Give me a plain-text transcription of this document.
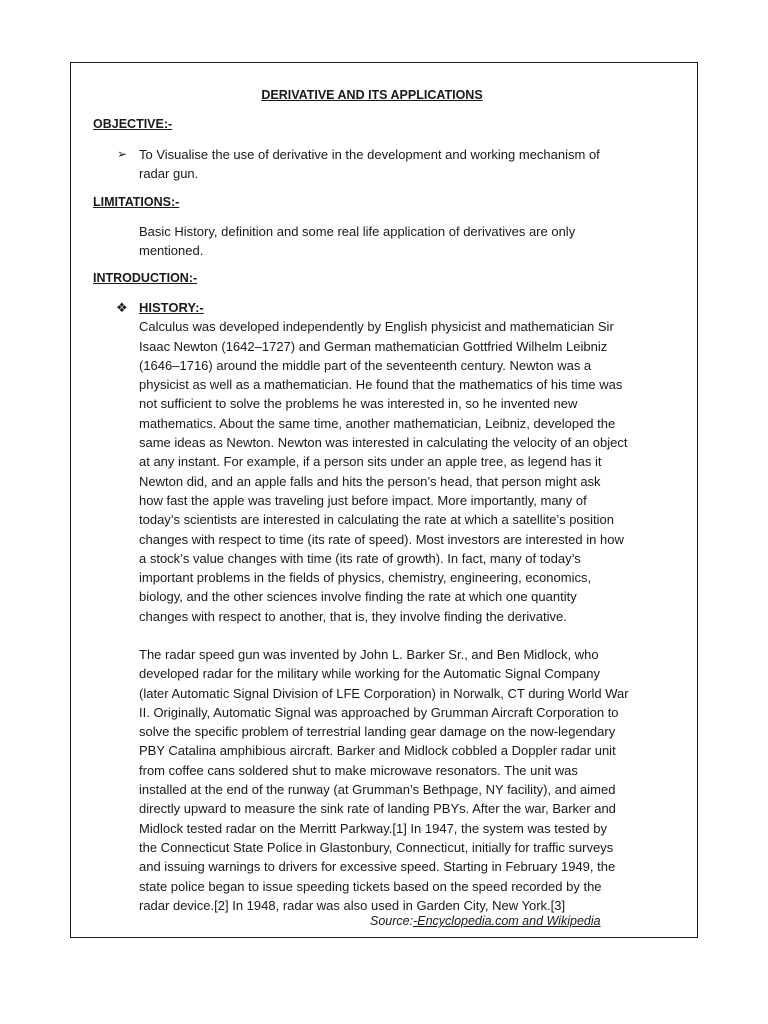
DERIVATIVE AND ITS APPLICATIONS
OBJECTIVE:-
➢ To Visualise the use of derivative in the development and working mechanism of
radar gun.
LIMITATIONS:-
Basic History, definition and some real life application of derivatives are only
mentioned.
INTRODUCTION:-
❖ HISTORY:-
Calculus was developed independently by English physicist and mathematician Sir
Isaac Newton (1642–1727) and German mathematician Gottfried Wilhelm Leibniz
(1646–1716) around the middle part of the seventeenth century. Newton was a
physicist as well as a mathematician. He found that the mathematics of his time was
not sufficient to solve the problems he was interested in, so he invented new
mathematics. About the same time, another mathematician, Leibniz, developed the
same ideas as Newton. Newton was interested in calculating the velocity of an object
at any instant. For example, if a person sits under an apple tree, as legend has it
Newton did, and an apple falls and hits the person’s head, that person might ask
how fast the apple was traveling just before impact. More importantly, many of
today’s scientists are interested in calculating the rate at which a satellite’s position
changes with respect to time (its rate of speed). Most investors are interested in how
a stock’s value changes with time (its rate of growth). In fact, many of today’s
important problems in the fields of physics, chemistry, engineering, economics,
biology, and the other sciences involve finding the rate at which one quantity
changes with respect to another, that is, they involve finding the derivative.
The radar speed gun was invented by John L. Barker Sr., and Ben Midlock, who
developed radar for the military while working for the Automatic Signal Company
(later Automatic Signal Division of LFE Corporation) in Norwalk, CT during World War
II. Originally, Automatic Signal was approached by Grumman Aircraft Corporation to
solve the specific problem of terrestrial landing gear damage on the now-legendary
PBY Catalina amphibious aircraft. Barker and Midlock cobbled a Doppler radar unit
from coffee cans soldered shut to make microwave resonators. The unit was
installed at the end of the runway (at Grumman’s Bethpage, NY facility), and aimed
directly upward to measure the sink rate of landing PBYs. After the war, Barker and
Midlock tested radar on the Merritt Parkway.[1] In 1947, the system was tested by
the Connecticut State Police in Glastonbury, Connecticut, initially for traffic surveys
and issuing warnings to drivers for excessive speed. Starting in February 1949, the
state police began to issue speeding tickets based on the speed recorded by the
radar device.[2] In 1948, radar was also used in Garden City, New York.[3]
Source:-Encyclopedia.com and Wikipedia
